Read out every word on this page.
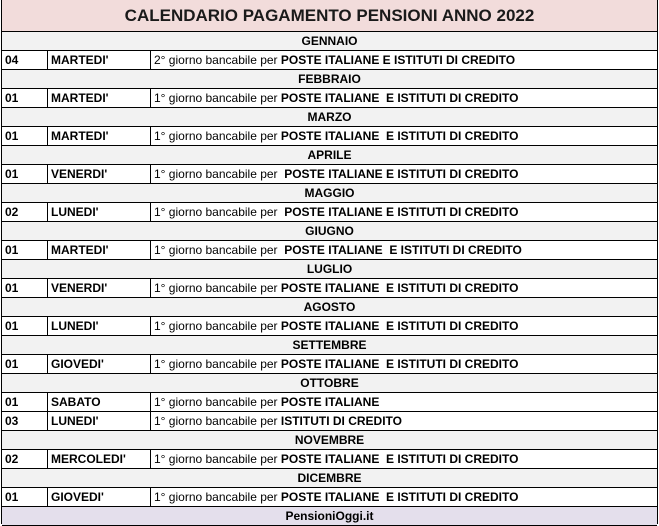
CALENDARIO PAGAMENTO PENSIONI ANNO 2022
GENNAIO
04	MARTEDI'	2° giorno bancabile per POSTE ITALIANE E ISTITUTI DI CREDITO
FEBBRAIO
01	MARTEDI'	1° giorno bancabile per POSTE ITALIANE  E ISTITUTI DI CREDITO
MARZO
01	MARTEDI'	1° giorno bancabile per POSTE ITALIANE  E ISTITUTI DI CREDITO
APRILE
01	VENERDI'	1° giorno bancabile per  POSTE ITALIANE E ISTITUTI DI CREDITO
MAGGIO
02	LUNEDI'	1° giorno bancabile per  POSTE ITALIANE E ISTITUTI DI CREDITO
GIUGNO
01	MARTEDI'	1° giorno bancabile per  POSTE ITALIANE  E ISTITUTI DI CREDITO
LUGLIO
01	VENERDI'	1° giorno bancabile per POSTE ITALIANE  E ISTITUTI DI CREDITO
AGOSTO
01	LUNEDI'	1° giorno bancabile per POSTE ITALIANE  E ISTITUTI DI CREDITO
SETTEMBRE
01	GIOVEDI'	1° giorno bancabile per POSTE ITALIANE  E ISTITUTI DI CREDITO
OTTOBRE
01	SABATO	1° giorno bancabile per POSTE ITALIANE
03	LUNEDI'	1° giorno bancabile per ISTITUTI DI CREDITO
NOVEMBRE
02	MERCOLEDI'	1° giorno bancabile per POSTE ITALIANE  E ISTITUTI DI CREDITO
DICEMBRE
01	GIOVEDI'	1° giorno bancabile per POSTE ITALIANE  E ISTITUTI DI CREDITO
PensioniOggi.it
